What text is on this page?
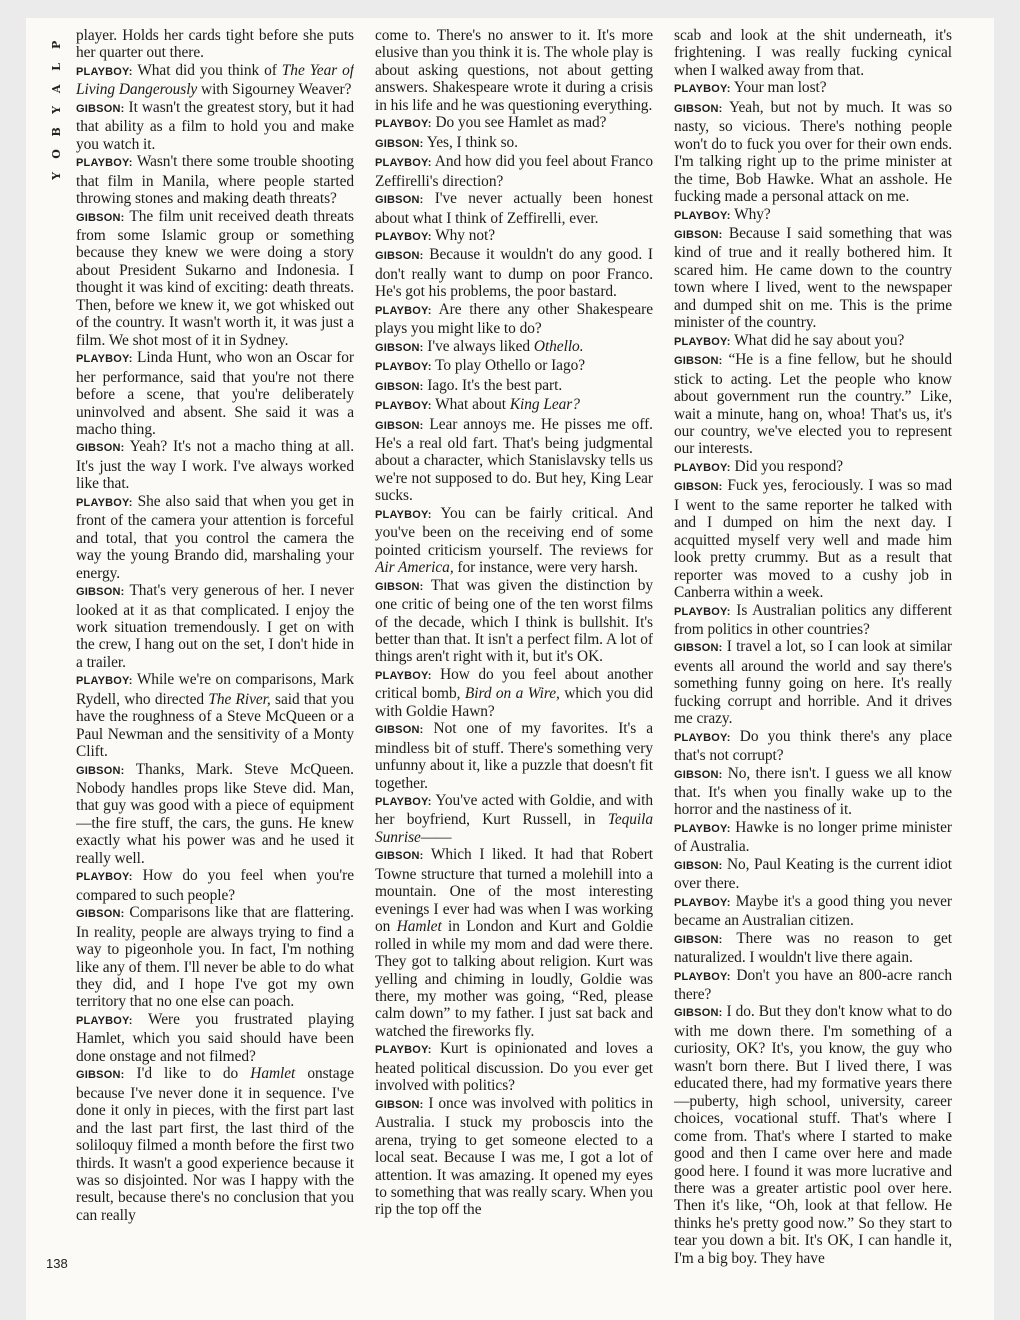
P
L
A
Y
B
O
Y

player. Holds her cards tight before she puts her quarter out there.

PLAYBOY: What did you think of The Year of Living Dangerously with Sigourney Weaver?

GIBSON: It wasn't the greatest story, but it had that ability as a film to hold you and make you watch it.

PLAYBOY: Wasn't there some trouble shooting that film in Manila, where people started throwing stones and making death threats?

GIBSON: The film unit received death threats from some Islamic group or something because they knew we were doing a story about President Sukarno and Indonesia. I thought it was kind of exciting: death threats. Then, before we knew it, we got whisked out of the country. It wasn't worth it, it was just a film. We shot most of it in Sydney.

PLAYBOY: Linda Hunt, who won an Oscar for her performance, said that you're not there before a scene, that you're deliberately uninvolved and absent. She said it was a macho thing.

GIBSON: Yeah? It's not a macho thing at all. It's just the way I work. I've always worked like that.

PLAYBOY: She also said that when you get in front of the camera your attention is forceful and total, that you control the camera the way the young Brando did, marshaling your energy.

GIBSON: That's very generous of her. I never looked at it as that complicated. I enjoy the work situation tremendously. I get on with the crew, I hang out on the set, I don't hide in a trailer.

PLAYBOY: While we're on comparisons, Mark Rydell, who directed The River, said that you have the roughness of a Steve McQueen or a Paul Newman and the sensitivity of a Monty Clift.

GIBSON: Thanks, Mark. Steve McQueen. Nobody handles props like Steve did. Man, that guy was good with a piece of equipment—the fire stuff, the cars, the guns. He knew exactly what his power was and he used it really well.

PLAYBOY: How do you feel when you're compared to such people?

GIBSON: Comparisons like that are flattering. In reality, people are always trying to find a way to pigeonhole you. In fact, I'm nothing like any of them. I'll never be able to do what they did, and I hope I've got my own territory that no one else can poach.

PLAYBOY: Were you frustrated playing Hamlet, which you said should have been done onstage and not filmed?

GIBSON: I'd like to do Hamlet onstage because I've never done it in sequence. I've done it only in pieces, with the first part last and the last part first, the last third of the soliloquy filmed a month before the first two thirds. It wasn't a good experience because it was so disjointed. Nor was I happy with the result, because there's no conclusion that you can really

come to. There's no answer to it. It's more elusive than you think it is. The whole play is about asking questions, not about getting answers. Shakespeare wrote it during a crisis in his life and he was questioning everything.

PLAYBOY: Do you see Hamlet as mad?

GIBSON: Yes, I think so.

PLAYBOY: And how did you feel about Franco Zeffirelli's direction?

GIBSON: I've never actually been honest about what I think of Zeffirelli, ever.

PLAYBOY: Why not?

GIBSON: Because it wouldn't do any good. I don't really want to dump on poor Franco. He's got his problems, the poor bastard.

PLAYBOY: Are there any other Shakespeare plays you might like to do?

GIBSON: I've always liked Othello.

PLAYBOY: To play Othello or Iago?

GIBSON: Iago. It's the best part.

PLAYBOY: What about King Lear?

GIBSON: Lear annoys me. He pisses me off. He's a real old fart. That's being judgmental about a character, which Stanislavsky tells us we're not supposed to do. But hey, King Lear sucks.

PLAYBOY: You can be fairly critical. And you've been on the receiving end of some pointed criticism yourself. The reviews for Air America, for instance, were very harsh.

GIBSON: That was given the distinction by one critic of being one of the ten worst films of the decade, which I think is bullshit. It's better than that. It isn't a perfect film. A lot of things aren't right with it, but it's OK.

PLAYBOY: How do you feel about another critical bomb, Bird on a Wire, which you did with Goldie Hawn?

GIBSON: Not one of my favorites. It's a mindless bit of stuff. There's something very unfunny about it, like a puzzle that doesn't fit together.

PLAYBOY: You've acted with Goldie, and with her boyfriend, Kurt Russell, in Tequila Sunrise——

GIBSON: Which I liked. It had that Robert Towne structure that turned a molehill into a mountain. One of the most interesting evenings I ever had was when I was working on Hamlet in London and Kurt and Goldie rolled in while my mom and dad were there. They got to talking about religion. Kurt was yelling and chiming in loudly, Goldie was there, my mother was going, “Red, please calm down” to my father. I just sat back and watched the fireworks fly.

PLAYBOY: Kurt is opinionated and loves a heated political discussion. Do you ever get involved with politics?

GIBSON: I once was involved with politics in Australia. I stuck my proboscis into the arena, trying to get someone elected to a local seat. Because I was me, I got a lot of attention. It was amazing. It opened my eyes to something that was really scary. When you rip the top off the

scab and look at the shit underneath, it's frightening. I was really fucking cynical when I walked away from that.

PLAYBOY: Your man lost?

GIBSON: Yeah, but not by much. It was so nasty, so vicious. There's nothing people won't do to fuck you over for their own ends. I'm talking right up to the prime minister at the time, Bob Hawke. What an asshole. He fucking made a personal attack on me.

PLAYBOY: Why?

GIBSON: Because I said something that was kind of true and it really bothered him. It scared him. He came down to the country town where I lived, went to the newspaper and dumped shit on me. This is the prime minister of the country.

PLAYBOY: What did he say about you?

GIBSON: “He is a fine fellow, but he should stick to acting. Let the people who know about government run the country.” Like, wait a minute, hang on, whoa! That's us, it's our country, we've elected you to represent our interests.

PLAYBOY: Did you respond?

GIBSON: Fuck yes, ferociously. I was so mad I went to the same reporter he talked with and I dumped on him the next day. I acquitted myself very well and made him look pretty crummy. But as a result that reporter was moved to a cushy job in Canberra within a week.

PLAYBOY: Is Australian politics any different from politics in other countries?

GIBSON: I travel a lot, so I can look at similar events all around the world and say there's something funny going on here. It's really fucking corrupt and horrible. And it drives me crazy.

PLAYBOY: Do you think there's any place that's not corrupt?

GIBSON: No, there isn't. I guess we all know that. It's when you finally wake up to the horror and the nastiness of it.

PLAYBOY: Hawke is no longer prime minister of Australia.

GIBSON: No, Paul Keating is the current idiot over there.

PLAYBOY: Maybe it's a good thing you never became an Australian citizen.

GIBSON: There was no reason to get naturalized. I wouldn't live there again.

PLAYBOY: Don't you have an 800-acre ranch there?

GIBSON: I do. But they don't know what to do with me down there. I'm something of a curiosity, OK? It's, you know, the guy who wasn't born there. But I lived there, I was educated there, had my formative years there—puberty, high school, university, career choices, vocational stuff. That's where I come from. That's where I started to make good and then I came over here and made good here. I found it was more lucrative and there was a greater artistic pool over here. Then it's like, “Oh, look at that fellow. He thinks he's pretty good now.” So they start to tear you down a bit. It's OK, I can handle it, I'm a big boy. They have

138
